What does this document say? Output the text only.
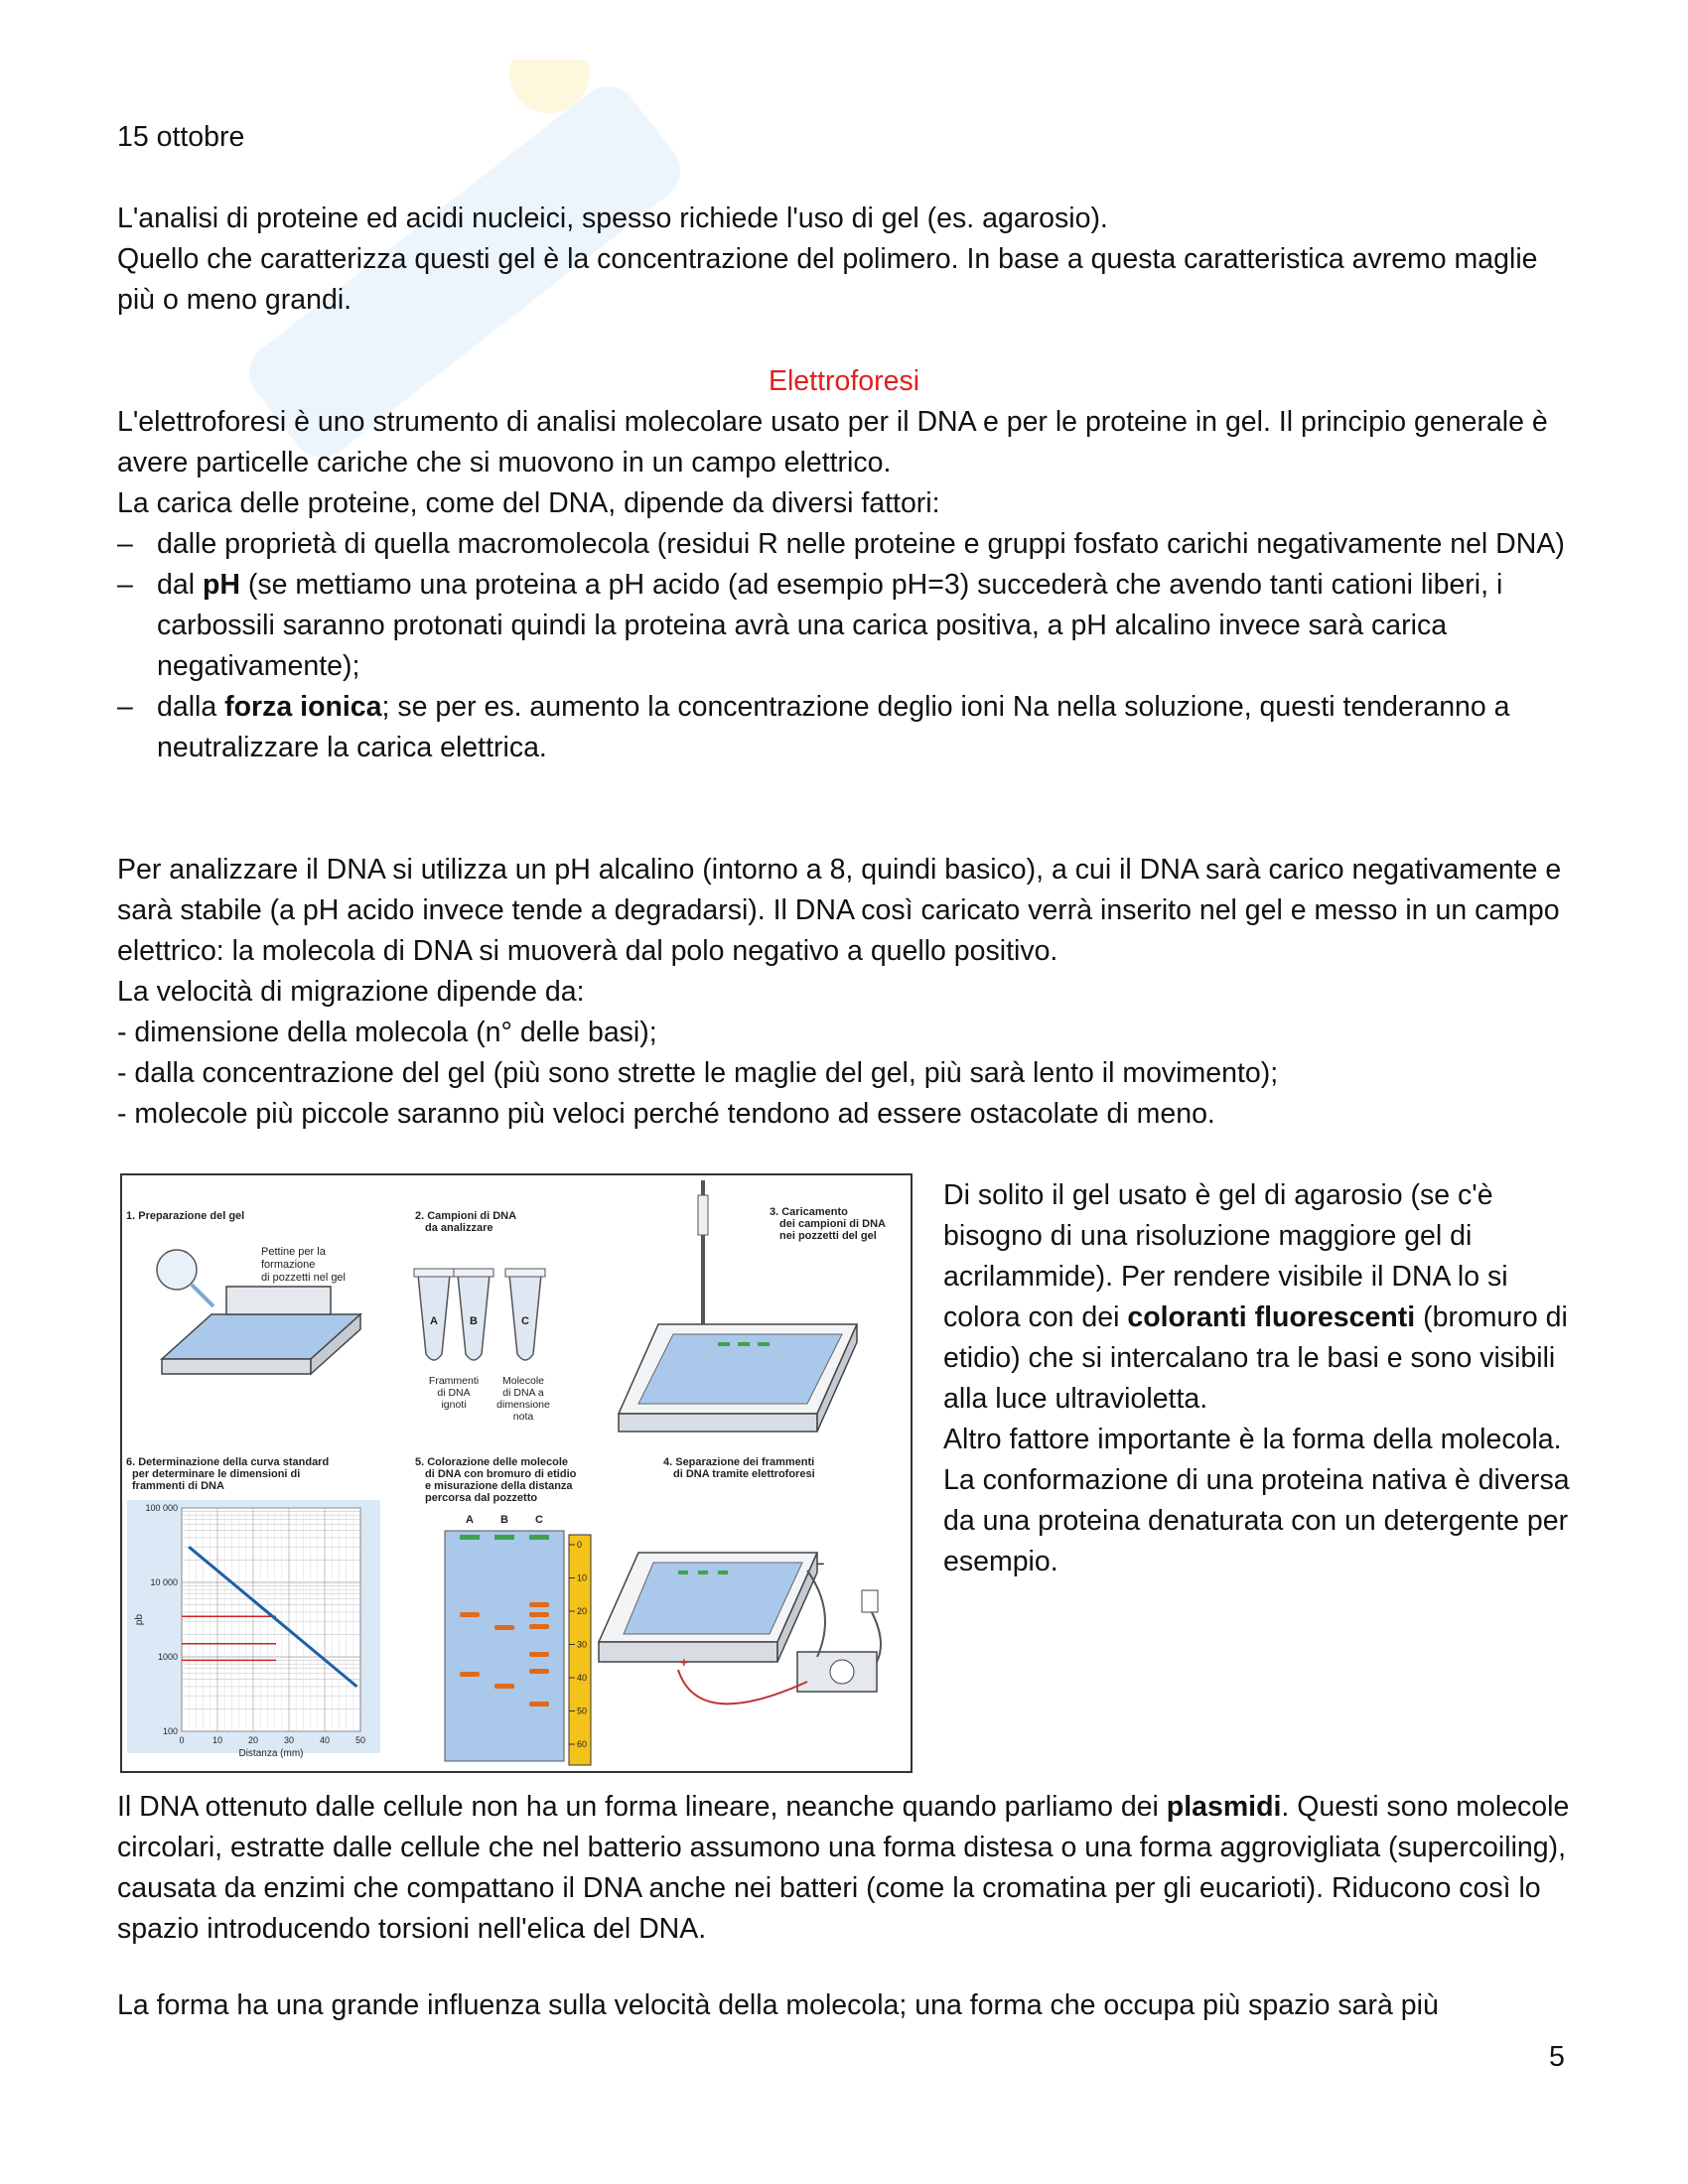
15 ottobre

L'analisi di proteine ed acidi nucleici, spesso richiede l'uso di gel (es. agarosio).

Quello che caratterizza questi gel è la concentrazione del polimero. In base a questa caratteristica avremo maglie più o meno grandi.

Elettroforesi

L'elettroforesi è uno strumento di analisi molecolare usato per il DNA e per le proteine in gel. Il principio generale è avere particelle cariche che si muovono in un campo elettrico.

La carica delle proteine, come del DNA, dipende da diversi fattori:

– dalle proprietà di quella macromolecola (residui R nelle proteine e gruppi fosfato carichi negativamente nel DNA)
– dal pH (se mettiamo una proteina a pH acido (ad esempio pH=3) succederà che avendo tanti cationi liberi, i carbossili saranno protonati quindi la proteina avrà una carica positiva, a pH alcalino invece sarà carica negativamente);
– dalla forza ionica; se per es. aumento la concentrazione deglio ioni Na nella soluzione, questi tenderanno a neutralizzare la carica elettrica.

Per analizzare il DNA si utilizza un pH alcalino (intorno a 8, quindi basico), a cui il DNA sarà carico negativamente e sarà stabile (a pH acido invece tende a degradarsi). Il DNA così caricato verrà inserito nel gel e messo in un campo elettrico: la molecola di DNA si muoverà dal polo negativo a quello positivo.

La velocità di migrazione dipende da:

- dimensione della molecola (n° delle basi);

- dalla concentrazione del gel (più sono strette le maglie del gel, più sarà lento il movimento);

- molecole più piccole saranno più veloci perché tendono ad essere ostacolate di meno.

1. Preparazione del gel
Pettine per la
formazione
di pozzetti nel gel
2. Campioni di DNA
da analizzare
A	B	C
Frammenti
di DNA
ignoti
Molecole
di DNA a
dimensione
nota
3. Caricamento
dei campioni di DNA
nei pozzetti del gel
6. Determinazione della curva standard
per determinare le dimensioni di
frammenti di DNA
100 000
10 000
1000
100
0	10	20	30	40	50
Distanza (mm)
pb
5. Colorazione delle molecole
di DNA con bromuro di etidio
e misurazione della distanza
percorsa dal pozzetto
A B C
0
10
20
30
40
50
60
4. Separazione dei frammenti
di DNA tramite elettroforesi
+
–

Di solito il gel usato è gel di agarosio (se c'è bisogno di una risoluzione maggiore gel di acrilammide). Per rendere visibile il DNA lo si colora con dei coloranti fluorescenti (bromuro di etidio) che si intercalano tra le basi e sono visibili alla luce ultravioletta.

Altro fattore importante è la forma della molecola. La conformazione di una proteina nativa è diversa da una proteina denaturata con un detergente per esempio.

Il DNA ottenuto dalle cellule non ha un forma lineare, neanche quando parliamo dei plasmidi. Questi sono molecole circolari, estratte dalle cellule che nel batterio assumono una forma distesa o una forma aggrovigliata (supercoiling), causata da enzimi che compattano il DNA anche nei batteri (come la cromatina per gli eucarioti). Riducono così lo spazio introducendo torsioni nell'elica del DNA.

La forma ha una grande influenza sulla velocità della molecola; una forma che occupa più spazio sarà più

5
